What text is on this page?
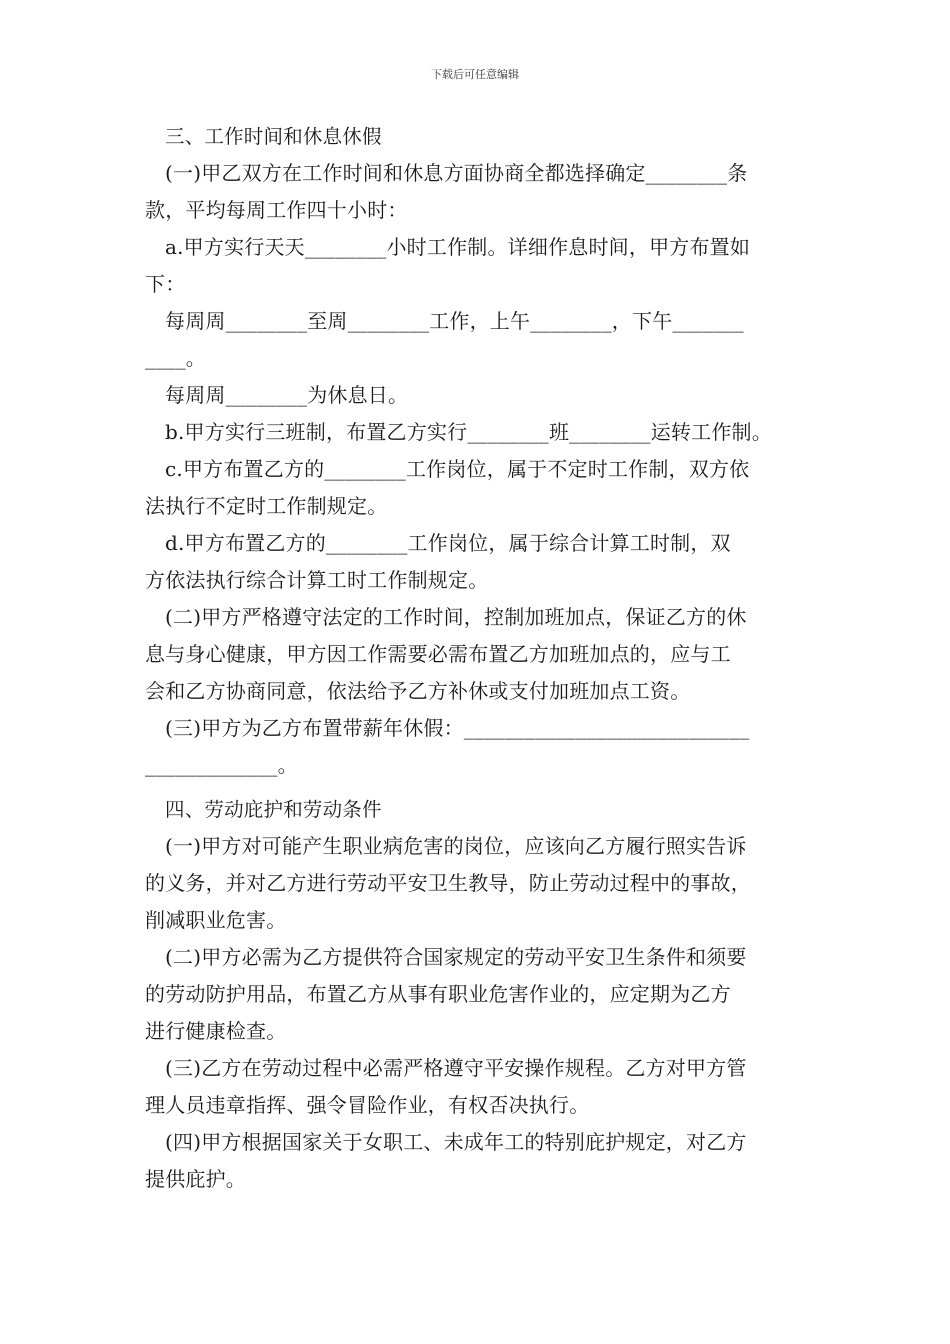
下载后可任意编辑
三、工作时间和休息休假
(一)甲乙双方在工作时间和休息方面协商全都选择确定________条
款，平均每周工作四十小时：
a.甲方实行天天________小时工作制。详细作息时间，甲方布置如
下：
每周周________至周________工作，上午________，下午_______
____。
每周周________为休息日。
b.甲方实行三班制，布置乙方实行________班________运转工作制。
c.甲方布置乙方的________工作岗位，属于不定时工作制，双方依
法执行不定时工作制规定。
d.甲方布置乙方的________工作岗位，属于综合计算工时制，双
方依法执行综合计算工时工作制规定。
(二)甲方严格遵守法定的工作时间，控制加班加点，保证乙方的休
息与身心健康，甲方因工作需要必需布置乙方加班加点的，应与工
会和乙方协商同意，依法给予乙方补休或支付加班加点工资。
(三)甲方为乙方布置带薪年休假：____________________________
_____________。
四、劳动庇护和劳动条件
(一)甲方对可能产生职业病危害的岗位，应该向乙方履行照实告诉
的义务，并对乙方进行劳动平安卫生教导，防止劳动过程中的事故，
削减职业危害。
(二)甲方必需为乙方提供符合国家规定的劳动平安卫生条件和须要
的劳动防护用品，布置乙方从事有职业危害作业的，应定期为乙方
进行健康检查。
(三)乙方在劳动过程中必需严格遵守平安操作规程。乙方对甲方管
理人员违章指挥、强令冒险作业，有权否决执行。
(四)甲方根据国家关于女职工、未成年工的特别庇护规定，对乙方
提供庇护。
